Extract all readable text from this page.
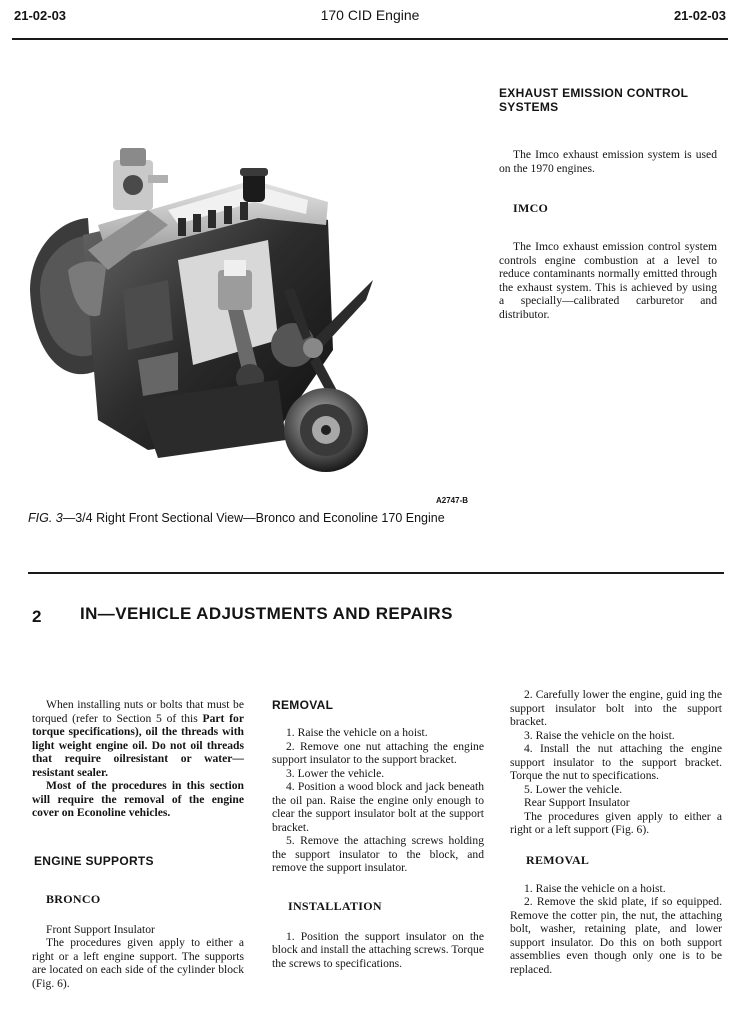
21-02-03	170 CID Engine	21-02-03
A2747-B
FIG. 3—3/4 Right Front Sectional View—Bronco and Econoline 170 Engine
EXHAUST EMISSION CONTROL SYSTEMS

The Imco exhaust emission system is used on the 1970 engines.

IMCO

The Imco exhaust emission control system controls engine combustion at a level to reduce contaminants normally emitted through the exhaust system. This is achieved by using a specially—calibrated carburetor and distributor.

2 IN—VEHICLE ADJUSTMENTS AND REPAIRS

When installing nuts or bolts that must be torqued (refer to Section 5 of this Part for torque specifications), oil the threads with light weight engine oil. Do not oil threads that require oilresistant or water—resistant sealer.

Most of the procedures in this section will require the removal of the engine cover on Econoline vehicles.

ENGINE SUPPORTS
BRONCO

Front Support Insulator

The procedures given apply to either a right or a left engine support. The supports are located on each side of the cylinder block (Fig. 6).

REMOVAL

1. Raise the vehicle on a hoist.

2. Remove one nut attaching the engine support insulator to the support bracket.

3. Lower the vehicle.

4. Position a wood block and jack beneath the oil pan. Raise the engine only enough to clear the support insulator bolt at the support bracket.

5. Remove the attaching screws holding the support insulator to the block, and remove the support insulator.

INSTALLATION

1. Position the support insulator on the block and install the attaching screws. Torque the screws to specifications.

2. Carefully lower the engine, guid ing the support insulator bolt into the support bracket.

3. Raise the vehicle on the hoist.

4. Install the nut attaching the engine support insulator to the support bracket. Torque the nut to specifications.

5. Lower the vehicle.

Rear Support Insulator

The procedures given apply to either a right or a left support (Fig. 6).

REMOVAL

1. Raise the vehicle on a hoist.

2. Remove the skid plate, if so equipped. Remove the cotter pin, the nut, the attaching bolt, washer, retaining plate, and lower support insulator. Do this on both support assemblies even though only one is to be replaced.
